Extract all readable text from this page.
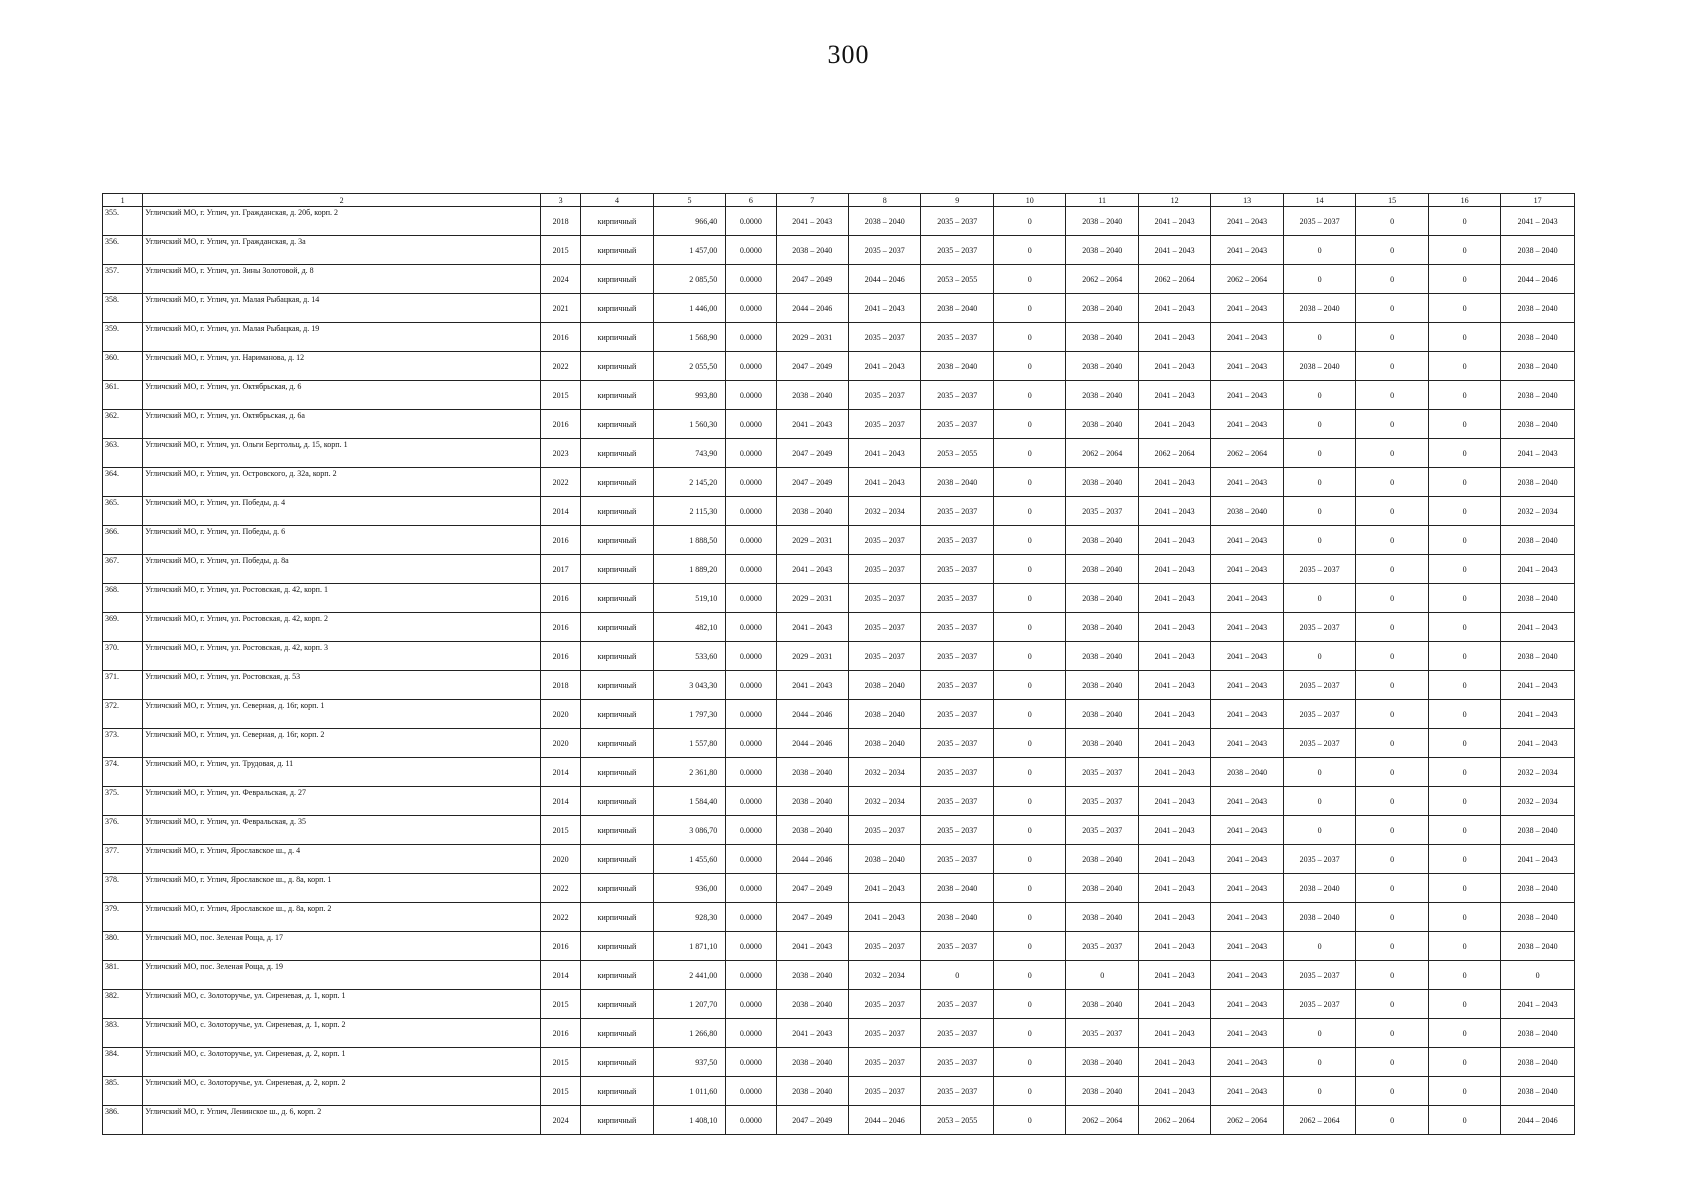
300
1	2	3	4	5	6	7	8	9	10	11	12	13	14	15	16	17
355.	Угличский МО, г. Углич, ул. Гражданская, д. 20б, корп. 2	2018	кирпичный	966,40	0.0000	2041 – 2043	2038 – 2040	2035 – 2037	0	2038 – 2040	2041 – 2043	2041 – 2043	2035 – 2037	0	0	2041 – 2043
356.	Угличский МО, г. Углич, ул. Гражданская, д. 3а	2015	кирпичный	1 457,00	0.0000	2038 – 2040	2035 – 2037	2035 – 2037	0	2038 – 2040	2041 – 2043	2041 – 2043	0	0	0	2038 – 2040
357.	Угличский МО, г. Углич, ул. Зины Золотовой, д. 8	2024	кирпичный	2 085,50	0.0000	2047 – 2049	2044 – 2046	2053 – 2055	0	2062 – 2064	2062 – 2064	2062 – 2064	0	0	0	2044 – 2046
358.	Угличский МО, г. Углич, ул. Малая Рыбацкая, д. 14	2021	кирпичный	1 446,00	0.0000	2044 – 2046	2041 – 2043	2038 – 2040	0	2038 – 2040	2041 – 2043	2041 – 2043	2038 – 2040	0	0	2038 – 2040
359.	Угличский МО, г. Углич, ул. Малая Рыбацкая, д. 19	2016	кирпичный	1 568,90	0.0000	2029 – 2031	2035 – 2037	2035 – 2037	0	2038 – 2040	2041 – 2043	2041 – 2043	0	0	0	2038 – 2040
360.	Угличский МО, г. Углич, ул. Нариманова, д. 12	2022	кирпичный	2 055,50	0.0000	2047 – 2049	2041 – 2043	2038 – 2040	0	2038 – 2040	2041 – 2043	2041 – 2043	2038 – 2040	0	0	2038 – 2040
361.	Угличский МО, г. Углич, ул. Октябрьская, д. 6	2015	кирпичный	993,80	0.0000	2038 – 2040	2035 – 2037	2035 – 2037	0	2038 – 2040	2041 – 2043	2041 – 2043	0	0	0	2038 – 2040
362.	Угличский МО, г. Углич, ул. Октябрьская, д. 6а	2016	кирпичный	1 560,30	0.0000	2041 – 2043	2035 – 2037	2035 – 2037	0	2038 – 2040	2041 – 2043	2041 – 2043	0	0	0	2038 – 2040
363.	Угличский МО, г. Углич, ул. Ольги Берггольц, д. 15, корп. 1	2023	кирпичный	743,90	0.0000	2047 – 2049	2041 – 2043	2053 – 2055	0	2062 – 2064	2062 – 2064	2062 – 2064	0	0	0	2041 – 2043
364.	Угличский МО, г. Углич, ул. Островского, д. 32а, корп. 2	2022	кирпичный	2 145,20	0.0000	2047 – 2049	2041 – 2043	2038 – 2040	0	2038 – 2040	2041 – 2043	2041 – 2043	0	0	0	2038 – 2040
365.	Угличский МО, г. Углич, ул. Победы, д. 4	2014	кирпичный	2 115,30	0.0000	2038 – 2040	2032 – 2034	2035 – 2037	0	2035 – 2037	2041 – 2043	2038 – 2040	0	0	0	2032 – 2034
366.	Угличский МО, г. Углич, ул. Победы, д. 6	2016	кирпичный	1 888,50	0.0000	2029 – 2031	2035 – 2037	2035 – 2037	0	2038 – 2040	2041 – 2043	2041 – 2043	0	0	0	2038 – 2040
367.	Угличский МО, г. Углич, ул. Победы, д. 8а	2017	кирпичный	1 889,20	0.0000	2041 – 2043	2035 – 2037	2035 – 2037	0	2038 – 2040	2041 – 2043	2041 – 2043	2035 – 2037	0	0	2041 – 2043
368.	Угличский МО, г. Углич, ул. Ростовская, д. 42, корп. 1	2016	кирпичный	519,10	0.0000	2029 – 2031	2035 – 2037	2035 – 2037	0	2038 – 2040	2041 – 2043	2041 – 2043	0	0	0	2038 – 2040
369.	Угличский МО, г. Углич, ул. Ростовская, д. 42, корп. 2	2016	кирпичный	482,10	0.0000	2041 – 2043	2035 – 2037	2035 – 2037	0	2038 – 2040	2041 – 2043	2041 – 2043	2035 – 2037	0	0	2041 – 2043
370.	Угличский МО, г. Углич, ул. Ростовская, д. 42, корп. 3	2016	кирпичный	533,60	0.0000	2029 – 2031	2035 – 2037	2035 – 2037	0	2038 – 2040	2041 – 2043	2041 – 2043	0	0	0	2038 – 2040
371.	Угличский МО, г. Углич, ул. Ростовская, д. 53	2018	кирпичный	3 043,30	0.0000	2041 – 2043	2038 – 2040	2035 – 2037	0	2038 – 2040	2041 – 2043	2041 – 2043	2035 – 2037	0	0	2041 – 2043
372.	Угличский МО, г. Углич, ул. Северная, д. 16г, корп. 1	2020	кирпичный	1 797,30	0.0000	2044 – 2046	2038 – 2040	2035 – 2037	0	2038 – 2040	2041 – 2043	2041 – 2043	2035 – 2037	0	0	2041 – 2043
373.	Угличский МО, г. Углич, ул. Северная, д. 16г, корп. 2	2020	кирпичный	1 557,80	0.0000	2044 – 2046	2038 – 2040	2035 – 2037	0	2038 – 2040	2041 – 2043	2041 – 2043	2035 – 2037	0	0	2041 – 2043
374.	Угличский МО, г. Углич, ул. Трудовая, д. 11	2014	кирпичный	2 361,80	0.0000	2038 – 2040	2032 – 2034	2035 – 2037	0	2035 – 2037	2041 – 2043	2038 – 2040	0	0	0	2032 – 2034
375.	Угличский МО, г. Углич, ул. Февральская, д. 27	2014	кирпичный	1 584,40	0.0000	2038 – 2040	2032 – 2034	2035 – 2037	0	2035 – 2037	2041 – 2043	2041 – 2043	0	0	0	2032 – 2034
376.	Угличский МО, г. Углич, ул. Февральская, д. 35	2015	кирпичный	3 086,70	0.0000	2038 – 2040	2035 – 2037	2035 – 2037	0	2035 – 2037	2041 – 2043	2041 – 2043	0	0	0	2038 – 2040
377.	Угличский МО, г. Углич, Ярославское ш., д. 4	2020	кирпичный	1 455,60	0.0000	2044 – 2046	2038 – 2040	2035 – 2037	0	2038 – 2040	2041 – 2043	2041 – 2043	2035 – 2037	0	0	2041 – 2043
378.	Угличский МО, г. Углич, Ярославское ш., д. 8а, корп. 1	2022	кирпичный	936,00	0.0000	2047 – 2049	2041 – 2043	2038 – 2040	0	2038 – 2040	2041 – 2043	2041 – 2043	2038 – 2040	0	0	2038 – 2040
379.	Угличский МО, г. Углич, Ярославское ш., д. 8а, корп. 2	2022	кирпичный	928,30	0.0000	2047 – 2049	2041 – 2043	2038 – 2040	0	2038 – 2040	2041 – 2043	2041 – 2043	2038 – 2040	0	0	2038 – 2040
380.	Угличский МО, пос. Зеленая Роща, д. 17	2016	кирпичный	1 871,10	0.0000	2041 – 2043	2035 – 2037	2035 – 2037	0	2035 – 2037	2041 – 2043	2041 – 2043	0	0	0	2038 – 2040
381.	Угличский МО, пос. Зеленая Роща, д. 19	2014	кирпичный	2 441,00	0.0000	2038 – 2040	2032 – 2034	0	0	0	2041 – 2043	2041 – 2043	2035 – 2037	0	0	0
382.	Угличский МО, с. Золоторучье, ул. Сиреневая, д. 1, корп. 1	2015	кирпичный	1 207,70	0.0000	2038 – 2040	2035 – 2037	2035 – 2037	0	2038 – 2040	2041 – 2043	2041 – 2043	2035 – 2037	0	0	2041 – 2043
383.	Угличский МО, с. Золоторучье, ул. Сиреневая, д. 1, корп. 2	2016	кирпичный	1 266,80	0.0000	2041 – 2043	2035 – 2037	2035 – 2037	0	2035 – 2037	2041 – 2043	2041 – 2043	0	0	0	2038 – 2040
384.	Угличский МО, с. Золоторучье, ул. Сиреневая, д. 2, корп. 1	2015	кирпичный	937,50	0.0000	2038 – 2040	2035 – 2037	2035 – 2037	0	2038 – 2040	2041 – 2043	2041 – 2043	0	0	0	2038 – 2040
385.	Угличский МО, с. Золоторучье, ул. Сиреневая, д. 2, корп. 2	2015	кирпичный	1 011,60	0.0000	2038 – 2040	2035 – 2037	2035 – 2037	0	2038 – 2040	2041 – 2043	2041 – 2043	0	0	0	2038 – 2040
386.	Угличский МО, г. Углич, Ленинское ш., д. 6, корп. 2	2024	кирпичный	1 408,10	0.0000	2047 – 2049	2044 – 2046	2053 – 2055	0	2062 – 2064	2062 – 2064	2062 – 2064	2062 – 2064	0	0	2044 – 2046
